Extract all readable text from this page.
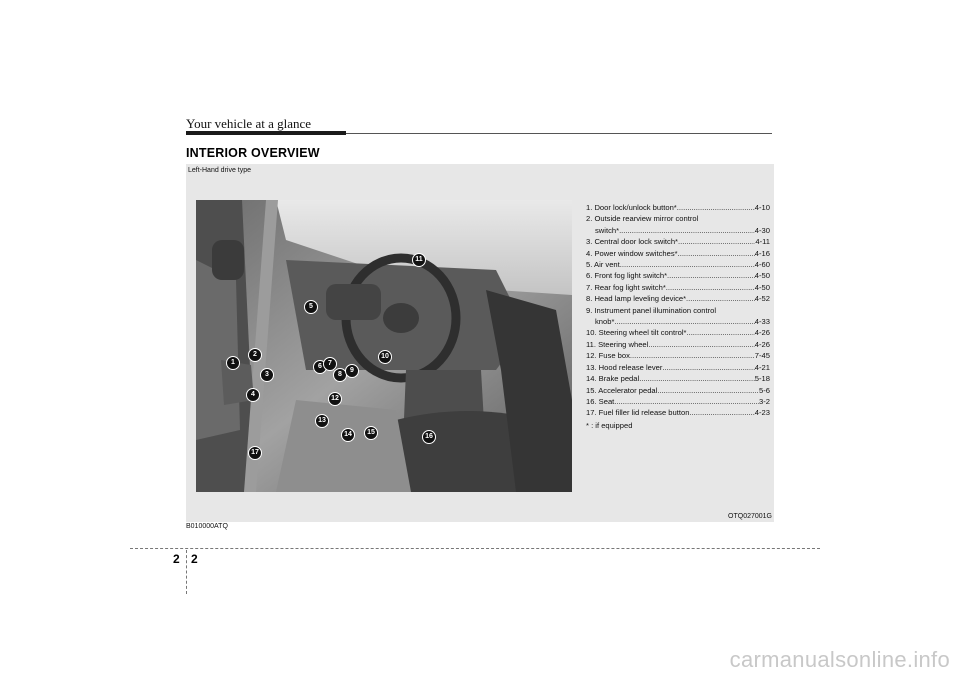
Your vehicle at a glance
INTERIOR OVERVIEW
Left-Hand drive type
1
2
3
4
5
6 7
8
9
10
11
12
13
14	15
16
17
1. Door lock/unlock button* .....	4-10
2. Outside rearview mirror control
switch* .....	4-30
3. Central door lock switch* .....	4-11
4. Power window switches* .....	4-16
5. Air vent .....	4-60
6. Front fog light switch* .....	4-50
7. Rear fog light switch* .....	4-50
8. Head lamp leveling device* .....	4-52
9. Instrument panel illumination control
knob* .....	4-33
10. Steering wheel tilt control* .....	4-26
11. Steering wheel .....	4-26
12. Fuse box .....	7-45
13. Hood release lever .....	4-21
14. Brake pedal .....	5-18
15. Accelerator pedal .....	5-6
16. Seat .....	3-2
17. Fuel filler lid release button .....	4-23
* : if equipped
OTQ027001G
B010000ATQ
2 2
carmanualsonline.info
